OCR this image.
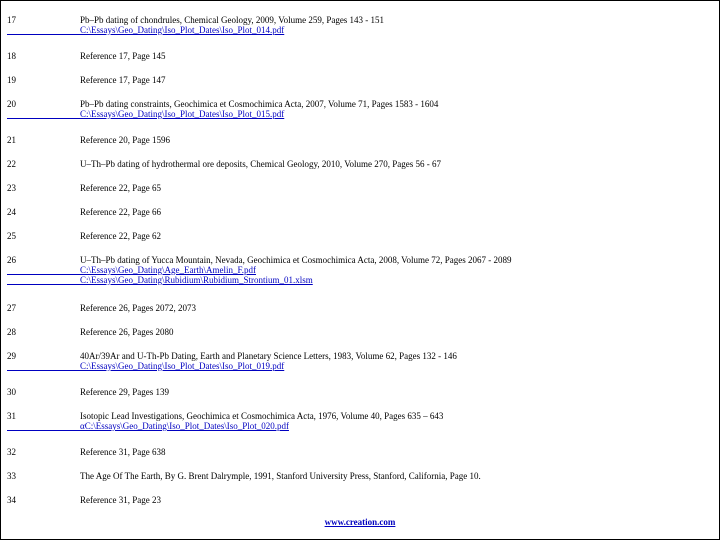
17	Pb–Pb dating of chondrules, Chemical Geology, 2009, Volume 259, Pages 143 - 151
C:\Essays\Geo_Dating\Iso_Plot_Dates\Iso_Plot_014.pdf
18	Reference 17, Page 145
19	Reference 17, Page 147
20	Pb–Pb dating constraints, Geochimica et Cosmochimica Acta, 2007, Volume 71, Pages 1583 - 1604
C:\Essays\Geo_Dating\Iso_Plot_Dates\Iso_Plot_015.pdf
21	Reference 20, Page 1596
22	U–Th–Pb dating of hydrothermal ore deposits, Chemical Geology, 2010, Volume 270, Pages 56 - 67
23	Reference 22, Page 65
24	Reference 22, Page 66
25	Reference 22, Page 62
26	U–Th–Pb dating of Yucca Mountain, Nevada, Geochimica et Cosmochimica Acta, 2008, Volume 72, Pages 2067 - 2089
C:\Essays\Geo_Dating\Age_Earth\Amelin_F.pdf
C:\Essays\Geo_Dating\Rubidium\Rubidium_Strontium_01.xlsm
27	Reference 26, Pages 2072, 2073
28	Reference 26, Pages 2080
29	40Ar/39Ar and U-Th-Pb Dating, Earth and Planetary Science Letters, 1983, Volume 62, Pages 132 - 146
C:\Essays\Geo_Dating\Iso_Plot_Dates\Iso_Plot_019.pdf
30	Reference 29, Pages 139
31	Isotopic Lead Investigations, Geochimica et Cosmochimica Acta, 1976, Volume 40, Pages 635 – 643
αC:\Essays\Geo_Dating\Iso_Plot_Dates\Iso_Plot_020.pdf
32	Reference 31, Page 638
33	The Age Of The Earth, By G. Brent Dalrymple, 1991, Stanford University Press, Stanford, California, Page 10.
34	Reference 31, Page 23
www.creation.com
